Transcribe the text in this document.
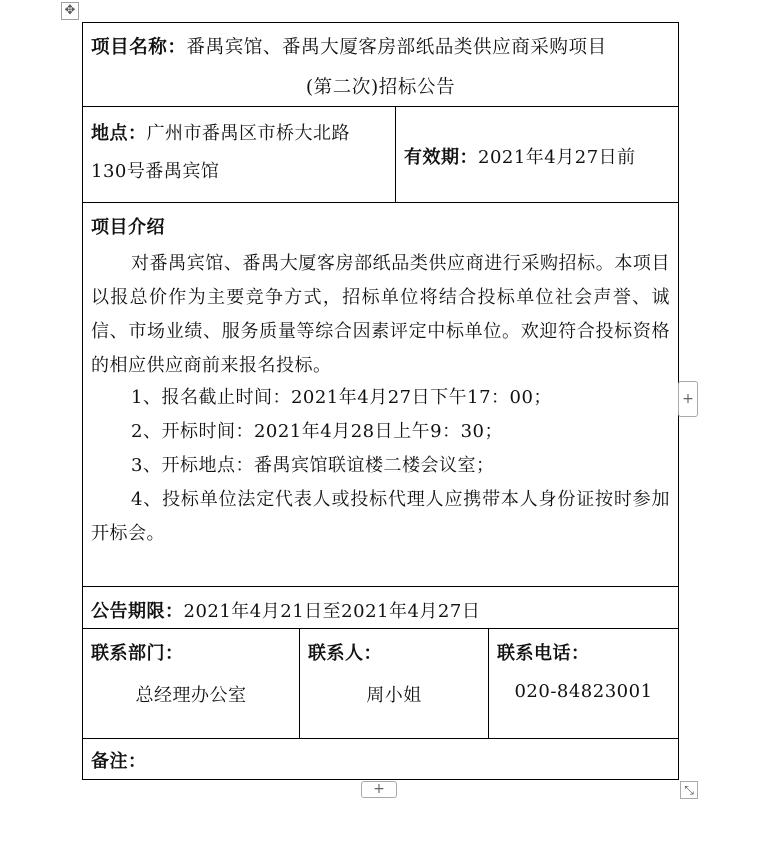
✥
项目名称：番禺宾馆、番禺大厦客房部纸品类供应商采购项目
(第二次)招标公告
地点：广州市番禺区市桥大北路
130号番禺宾馆
有效期：2021年4月27日前
项目介绍
对番禺宾馆、番禺大厦客房部纸品类供应商进行采购招标。本项目以报总价作为主要竞争方式，招标单位将结合投标单位社会声誉、诚信、市场业绩、服务质量等综合因素评定中标单位。欢迎符合投标资格的相应供应商前来报名投标。
1、报名截止时间：2021年4月27日下午17：00；
2、开标时间：2021年4月28日上午9：30；
3、开标地点：番禺宾馆联谊楼二楼会议室；
4、投标单位法定代表人或投标代理人应携带本人身份证按时参加开标会。
公告期限：2021年4月21日至2021年4月27日
联系部门：
总经理办公室
联系人：
周小姐
联系电话：
020-84823001
备注：
+
+	⤡
